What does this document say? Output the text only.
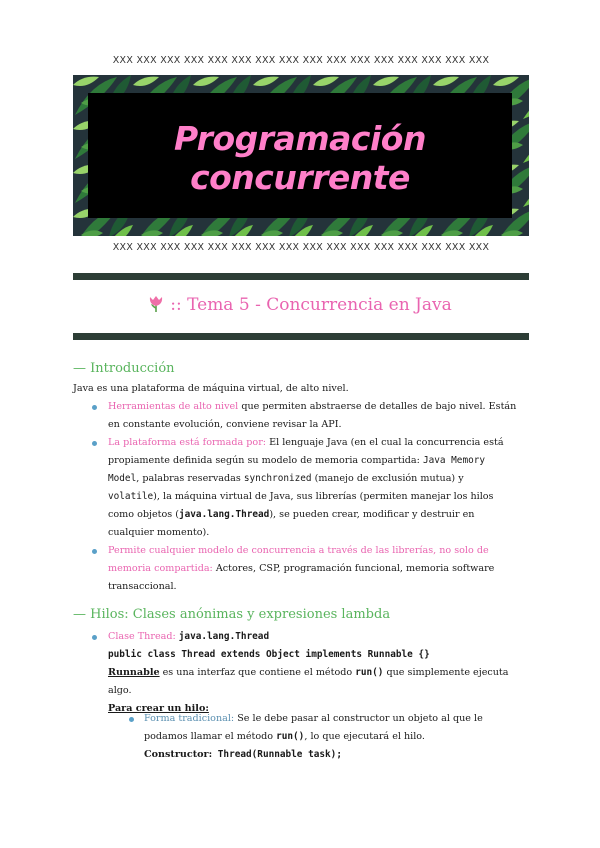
XXX XXX XXX XXX XXX XXX XXX XXX XXX XXX XXX XXX XXX XXX XXX XXX
Programación concurrente
XXX XXX XXX XXX XXX XXX XXX XXX XXX XXX XXX XXX XXX XXX XXX XXX
:: Tema 5 - Concurrencia en Java
— Introducción
Java es una plataforma de máquina virtual, de alto nivel.
Herramientas de alto nivel que permiten abstraerse de detalles de bajo nivel. Están
en constante evolución, conviene revisar la API.
La plataforma está formada por: El lenguaje Java (en el cual la concurrencia está
propiamente definida según su modelo de memoria compartida: Java Memory
Model, palabras reservadas synchronized (manejo de exclusión mutua) y
volatile), la máquina virtual de Java, sus librerías (permiten manejar los hilos
como objetos (java.lang.Thread), se pueden crear, modificar y destruir en
cualquier momento).
Permite cualquier modelo de concurrencia a través de las librerías, no solo de
memoria compartida: Actores, CSP, programación funcional, memoria software
transaccional.
— Hilos: Clases anónimas y expresiones lambda
Clase Thread: java.lang.Thread
public class Thread extends Object implements Runnable {}
Runnable es una interfaz que contiene el método run() que simplemente ejecuta
algo.
Para crear un hilo:
Forma tradicional: Se le debe pasar al constructor un objeto al que le
podamos llamar el método run(), lo que ejecutará el hilo.
Constructor: Thread(Runnable task);
